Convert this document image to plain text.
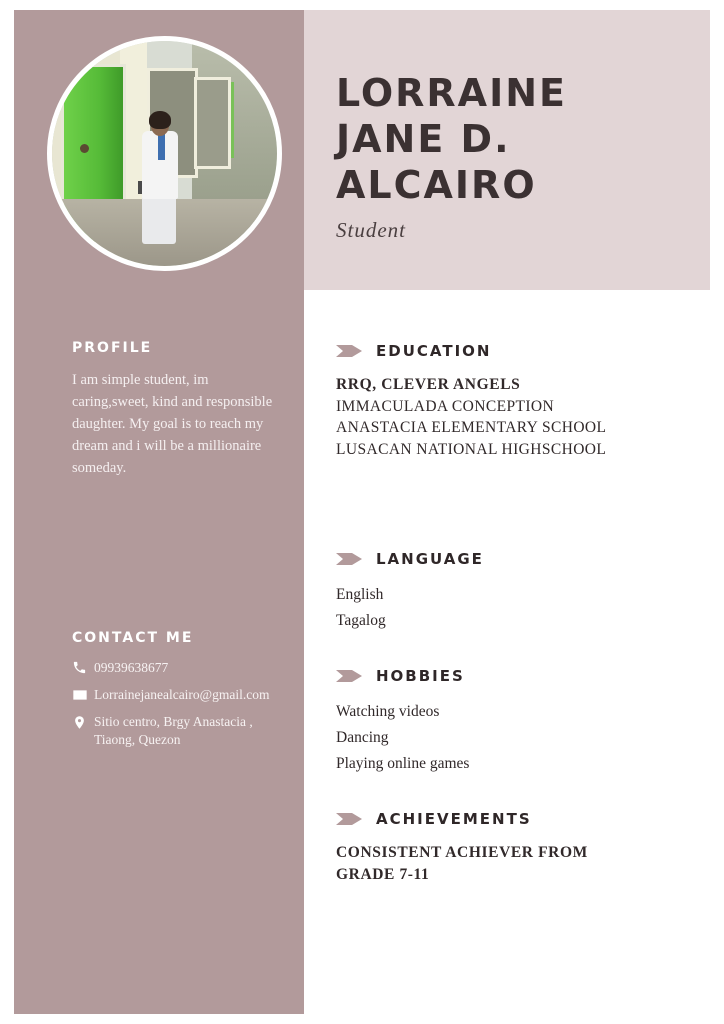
LORRAINE
JANE D.
ALCAIRO
Student
PROFILE
I am simple student, im caring,sweet, kind and responsible daughter. My goal is to reach my dream and i will be a millionaire someday.
CONTACT ME
09939638677
Lorrainejanealcairo@gmail.com
Sitio centro, Brgy Anastacia , Tiaong, Quezon
EDUCATION
RRQ, CLEVER ANGELS
IMMACULADA CONCEPTION
ANASTACIA ELEMENTARY SCHOOL
LUSACAN NATIONAL HIGHSCHOOL
LANGUAGE
English
Tagalog
HOBBIES
Watching videos
Dancing
Playing online games
ACHIEVEMENTS
CONSISTENT ACHIEVER FROM
GRADE 7-11
